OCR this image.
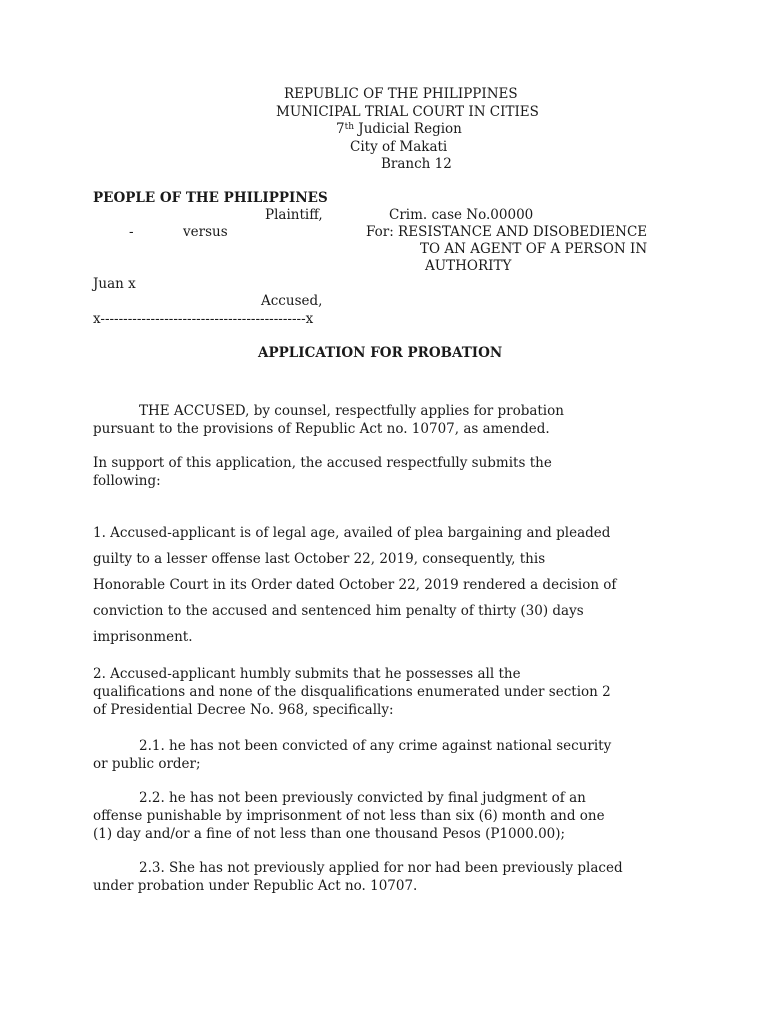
REPUBLIC OF THE PHILIPPINES
MUNICIPAL TRIAL COURT IN CITIES
7th Judicial Region
City of Makati
Branch 12
PEOPLE OF THE PHILIPPINES
Plaintiff,	Crim. case No.00000
-	versus	For: RESISTANCE AND DISOBEDIENCE
TO AN AGENT OF A PERSON IN
AUTHORITY
Juan x
Accused,
x---------------------------------------------x
APPLICATION FOR PROBATION
THE ACCUSED, by counsel, respectfully applies for probation
pursuant to the provisions of Republic Act no. 10707, as amended.
In support of this application, the accused respectfully submits the
following:
1. Accused-applicant is of legal age, availed of plea bargaining and pleaded
guilty to a lesser offense last October 22, 2019, consequently, this
Honorable Court in its Order dated October 22, 2019 rendered a decision of
conviction to the accused and sentenced him penalty of thirty (30) days
imprisonment.
2. Accused-applicant humbly submits that he possesses all the
qualifications and none of the disqualifications enumerated under section 2
of Presidential Decree No. 968, specifically:
2.1. he has not been convicted of any crime against national security
or public order;
2.2. he has not been previously convicted by final judgment of an
offense punishable by imprisonment of not less than six (6) month and one
(1) day and/or a fine of not less than one thousand Pesos (P1000.00);
2.3. She has not previously applied for nor had been previously placed
under probation under Republic Act no. 10707.
